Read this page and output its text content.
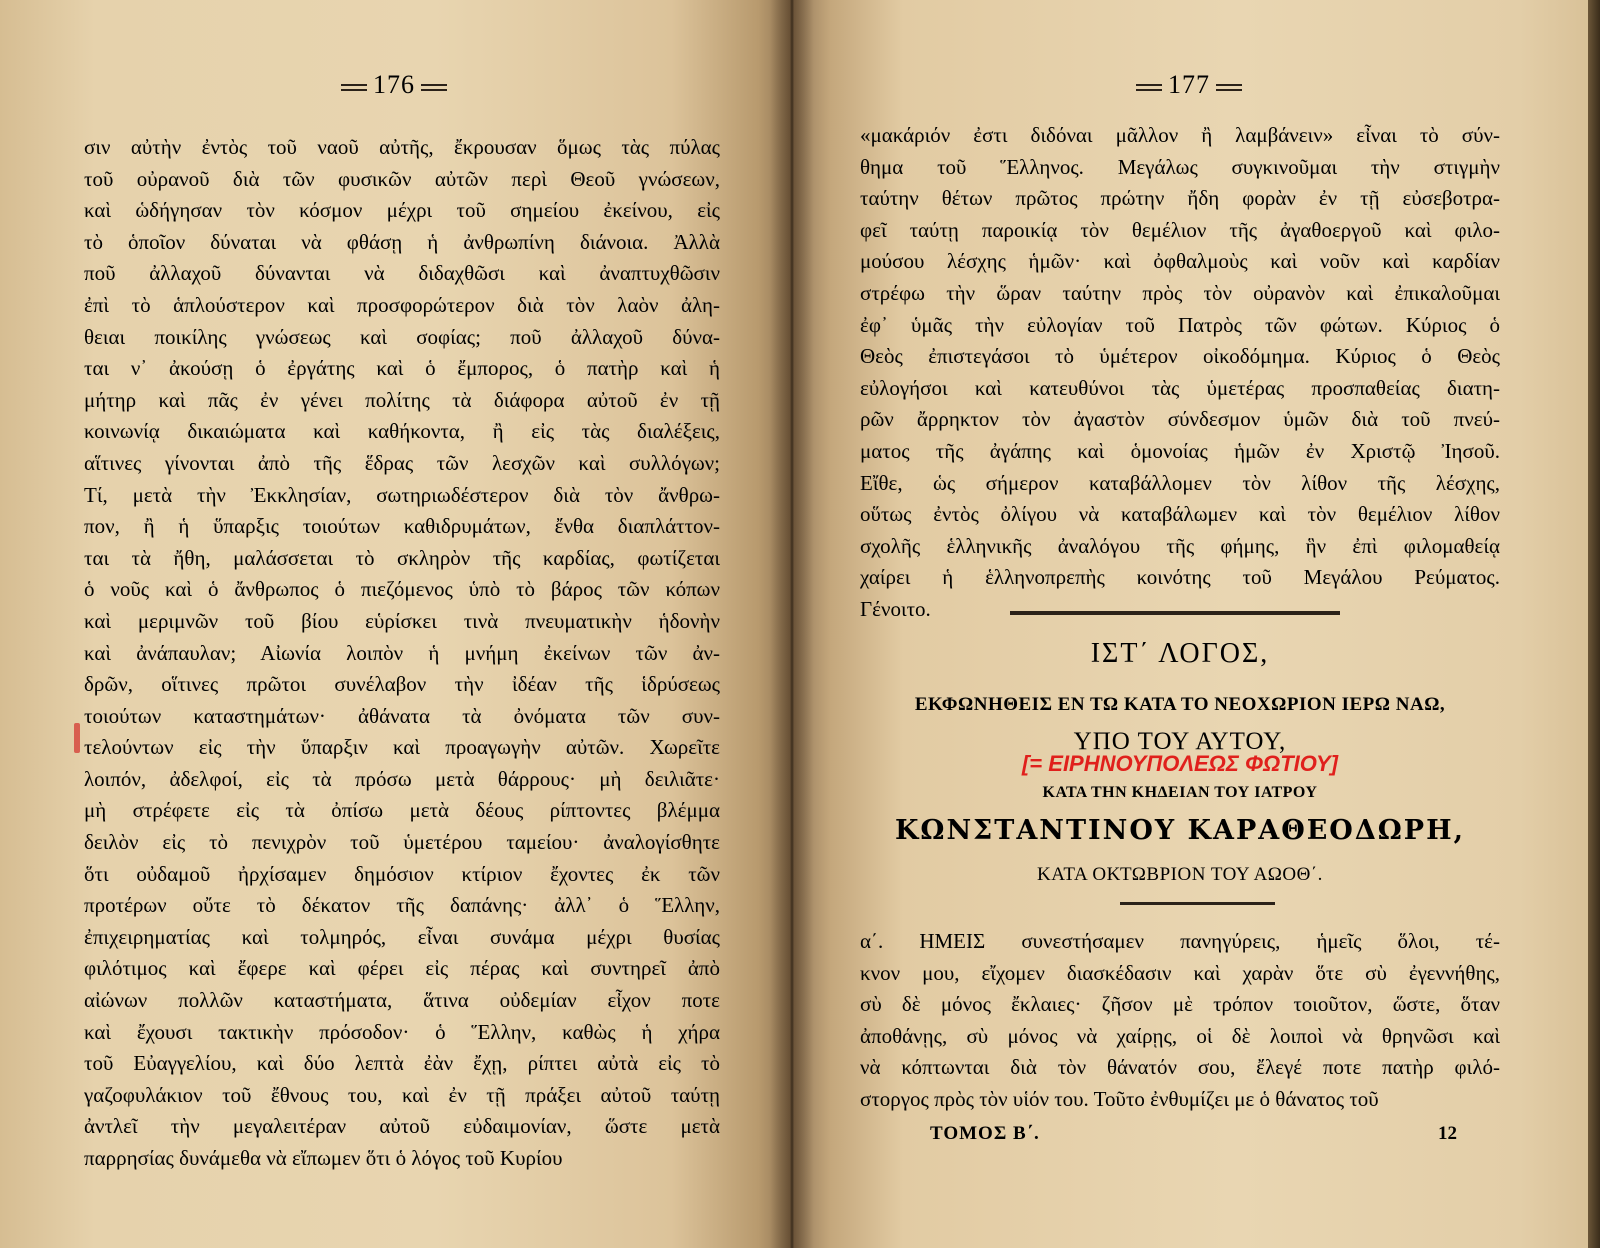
176	177
σιν αὐτὴν ἐντὸς τοῦ ναοῦ αὐτῆς, ἔκρουσαν ὅμως τὰς πύλας
τοῦ οὐρανοῦ διὰ τῶν φυσικῶν αὐτῶν περὶ Θεοῦ γνώσεων,
καὶ ὡδήγησαν τὸν κόσμον μέχρι τοῦ σημείου ἐκείνου, εἰς
τὸ ὁποῖον δύναται νὰ φθάσῃ ἡ ἀνθρωπίνη διάνοια. Ἀλλὰ
ποῦ ἀλλαχοῦ δύνανται νὰ διδαχθῶσι καὶ ἀναπτυχθῶσιν
ἐπὶ τὸ ἁπλούστερον καὶ προσφορώτερον διὰ τὸν λαὸν ἀλη-
θειαι ποικίλης γνώσεως καὶ σοφίας; ποῦ ἀλλαχοῦ δύνα-
ται ν᾿ ἀκούσῃ ὁ ἐργάτης καὶ ὁ ἔμπορος, ὁ πατὴρ καὶ ἡ
μήτηρ καὶ πᾶς ἐν γένει πολίτης τὰ διάφορα αὐτοῦ ἐν τῇ
κοινωνίᾳ δικαιώματα καὶ καθήκοντα, ἢ εἰς τὰς διαλέξεις,
αἵτινες γίνονται ἀπὸ τῆς ἕδρας τῶν λεσχῶν καὶ συλλόγων;
Τί, μετὰ τὴν Ἐκκλησίαν, σωτηριωδέστερον διὰ τὸν ἄνθρω-
πον, ἢ ἡ ὕπαρξις τοιούτων καθιδρυμάτων, ἔνθα διαπλάττον-
ται τὰ ἤθη, μαλάσσεται τὸ σκληρὸν τῆς καρδίας, φωτίζεται
ὁ νοῦς καὶ ὁ ἄνθρωπος ὁ πιεζόμενος ὑπὸ τὸ βάρος τῶν κόπων
καὶ μεριμνῶν τοῦ βίου εὑρίσκει τινὰ πνευματικὴν ἡδονὴν
καὶ ἀνάπαυλαν; Αἰωνία λοιπὸν ἡ μνήμη ἐκείνων τῶν ἀν-
δρῶν, οἵτινες πρῶτοι συνέλαβον τὴν ἰδέαν τῆς ἱδρύσεως
τοιούτων καταστημάτων· ἀθάνατα τὰ ὀνόματα τῶν συν-
τελούντων εἰς τὴν ὕπαρξιν καὶ προαγωγὴν αὐτῶν. Χωρεῖτε
λοιπόν, ἀδελφοί, εἰς τὰ πρόσω μετὰ θάρρους· μὴ δειλιᾶτε·
μὴ στρέφετε εἰς τὰ ὀπίσω μετὰ δέους ρίπτοντες βλέμμα
δειλὸν εἰς τὸ πενιχρὸν τοῦ ὑμετέρου ταμείου· ἀναλογίσθητε
ὅτι οὐδαμοῦ ἠρχίσαμεν δημόσιον κτίριον ἔχοντες ἐκ τῶν
προτέρων οὔτε τὸ δέκατον τῆς δαπάνης· ἀλλ᾿ ὁ Ἕλλην,
ἐπιχειρηματίας καὶ τολμηρός, εἶναι συνάμα μέχρι θυσίας
φιλότιμος καὶ ἔφερε καὶ φέρει εἰς πέρας καὶ συντηρεῖ ἀπὸ
αἰώνων πολλῶν καταστήματα, ἅτινα οὐδεμίαν εἶχον ποτε
καὶ ἔχουσι τακτικὴν πρόσοδον· ὁ Ἕλλην, καθὼς ἡ χήρα
τοῦ Εὐαγγελίου, καὶ δύο λεπτὰ ἐὰν ἔχῃ, ρίπτει αὐτὰ εἰς τὸ
γαζοφυλάκιον τοῦ ἔθνους του, καὶ ἐν τῇ πράξει αὐτοῦ ταύτῃ
ἀντλεῖ τὴν μεγαλειτέραν αὐτοῦ εὐδαιμονίαν, ὥστε μετὰ
παρρησίας δυνάμεθα νὰ εἴπωμεν ὅτι ὁ λόγος τοῦ Κυρίου
«μακάριόν ἐστι διδόναι μᾶλλον ἢ λαμβάνειν» εἶναι τὸ σύν-
θημα τοῦ Ἕλληνος. Μεγάλως συγκινοῦμαι τὴν στιγμὴν
ταύτην θέτων πρῶτος πρώτην ἤδη φορὰν ἐν τῇ εὐσεβοτρα-
φεῖ ταύτῃ παροικίᾳ τὸν θεμέλιον τῆς ἀγαθοεργοῦ καὶ φιλο-
μούσου λέσχης ἡμῶν· καὶ ὀφθαλμοὺς καὶ νοῦν καὶ καρδίαν
στρέφω τὴν ὥραν ταύτην πρὸς τὸν οὐρανὸν καὶ ἐπικαλοῦμαι
ἐφ᾿ ὑμᾶς τὴν εὐλογίαν τοῦ Πατρὸς τῶν φώτων. Κύριος ὁ
Θεὸς ἐπιστεγάσοι τὸ ὑμέτερον οἰκοδόμημα. Κύριος ὁ Θεὸς
εὐλογήσοι καὶ κατευθύνοι τὰς ὑμετέρας προσπαθείας διατη-
ρῶν ἄρρηκτον τὸν ἀγαστὸν σύνδεσμον ὑμῶν διὰ τοῦ πνεύ-
ματος τῆς ἀγάπης καὶ ὁμονοίας ἡμῶν ἐν Χριστῷ Ἰησοῦ.
Εἴθε, ὡς σήμερον καταβάλλομεν τὸν λίθον τῆς λέσχης,
οὕτως ἐντὸς ὀλίγου νὰ καταβάλωμεν καὶ τὸν θεμέλιον λίθον
σχολῆς ἑλληνικῆς ἀναλόγου τῆς φήμης, ἣν ἐπὶ φιλομαθείᾳ
χαίρει ἡ ἑλληνοπρεπὴς κοινότης τοῦ Μεγάλου Ρεύματος.
Γένοιτο.
ΙΣΤ΄ ΛΟΓΟΣ,
ΕΚΦΩΝΗΘΕΙΣ ΕΝ ΤΩ ΚΑΤΑ ΤΟ ΝΕΟΧΩΡΙΟΝ ΙΕΡΩ ΝΑΩ,
ΥΠΟ ΤΟΥ ΑΥΤΟΥ,
[= ΕΙΡΗΝΟΥΠΟΛΕΩΣ ΦΩΤΙΟΥ]
ΚΑΤΑ ΤΗΝ ΚΗΔΕΙΑΝ ΤΟΥ ΙΑΤΡΟΥ
ΚΩΝΣΤΑΝΤΙΝΟΥ ΚΑΡΑΘΕΟΔΩΡΗ,
ΚΑΤΑ ΟΚΤΩΒΡΙΟΝ ΤΟΥ ΑΩΟΘ΄.
α΄. ΗΜΕΙΣ συνεστήσαμεν πανηγύρεις, ἡμεῖς ὅλοι, τέ-
κνον μου, εἴχομεν διασκέδασιν καὶ χαρὰν ὅτε σὺ ἐγεννήθης,
σὺ δὲ μόνος ἔκλαιες· ζῆσον μὲ τρόπον τοιοῦτον, ὥστε, ὅταν
ἀποθάνῃς, σὺ μόνος νὰ χαίρῃς, οἱ δὲ λοιποὶ νὰ θρηνῶσι καὶ
νὰ κόπτωνται διὰ τὸν θάνατόν σου, ἔλεγέ ποτε πατὴρ φιλό-
στοργος πρὸς τὸν υἱόν του. Τοῦτο ἐνθυμίζει με ὁ θάνατος τοῦ
ΤΟΜΟΣ Β΄.	12
